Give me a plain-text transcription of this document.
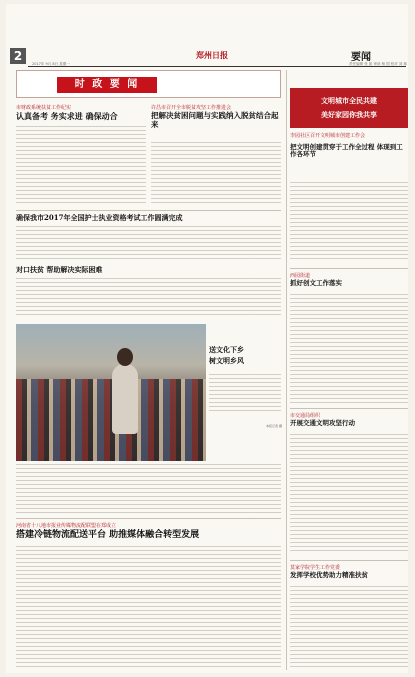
2	郑州日报	要闻
2017年 9月 8日 星期一	责任编辑 张 凯 审读 杨 国 校对 刘 林
时 政 要 闻
市财政系统扶贫工作纪实
认真备考 务实求进 确保动合
许昌市召开全市脱贫攻坚工作推进会
把解决贫困问题与实践纳入脱贫结合起来
确保我市2017年全国护士执业资格考试工作圆满完成
对口扶贫 帮助解决实际困难
送文化下乡
树文明乡风
本报记者 摄
河南省十八地市报业传媒物流配联盟在郑成立
搭建冷链物流配送平台 助推媒体融合转型发展
文明城市全民共建
美好家园你我共享
李园社区召开文明城市创建工作会
把文明创建贯穿于工作全过程 体现到工作各环节
西园街道
抓好创文工作落实
市交通局组织
开展交通文明攻坚行动
莫家学院学生工作党委
发挥学校优势助力精准扶贫
